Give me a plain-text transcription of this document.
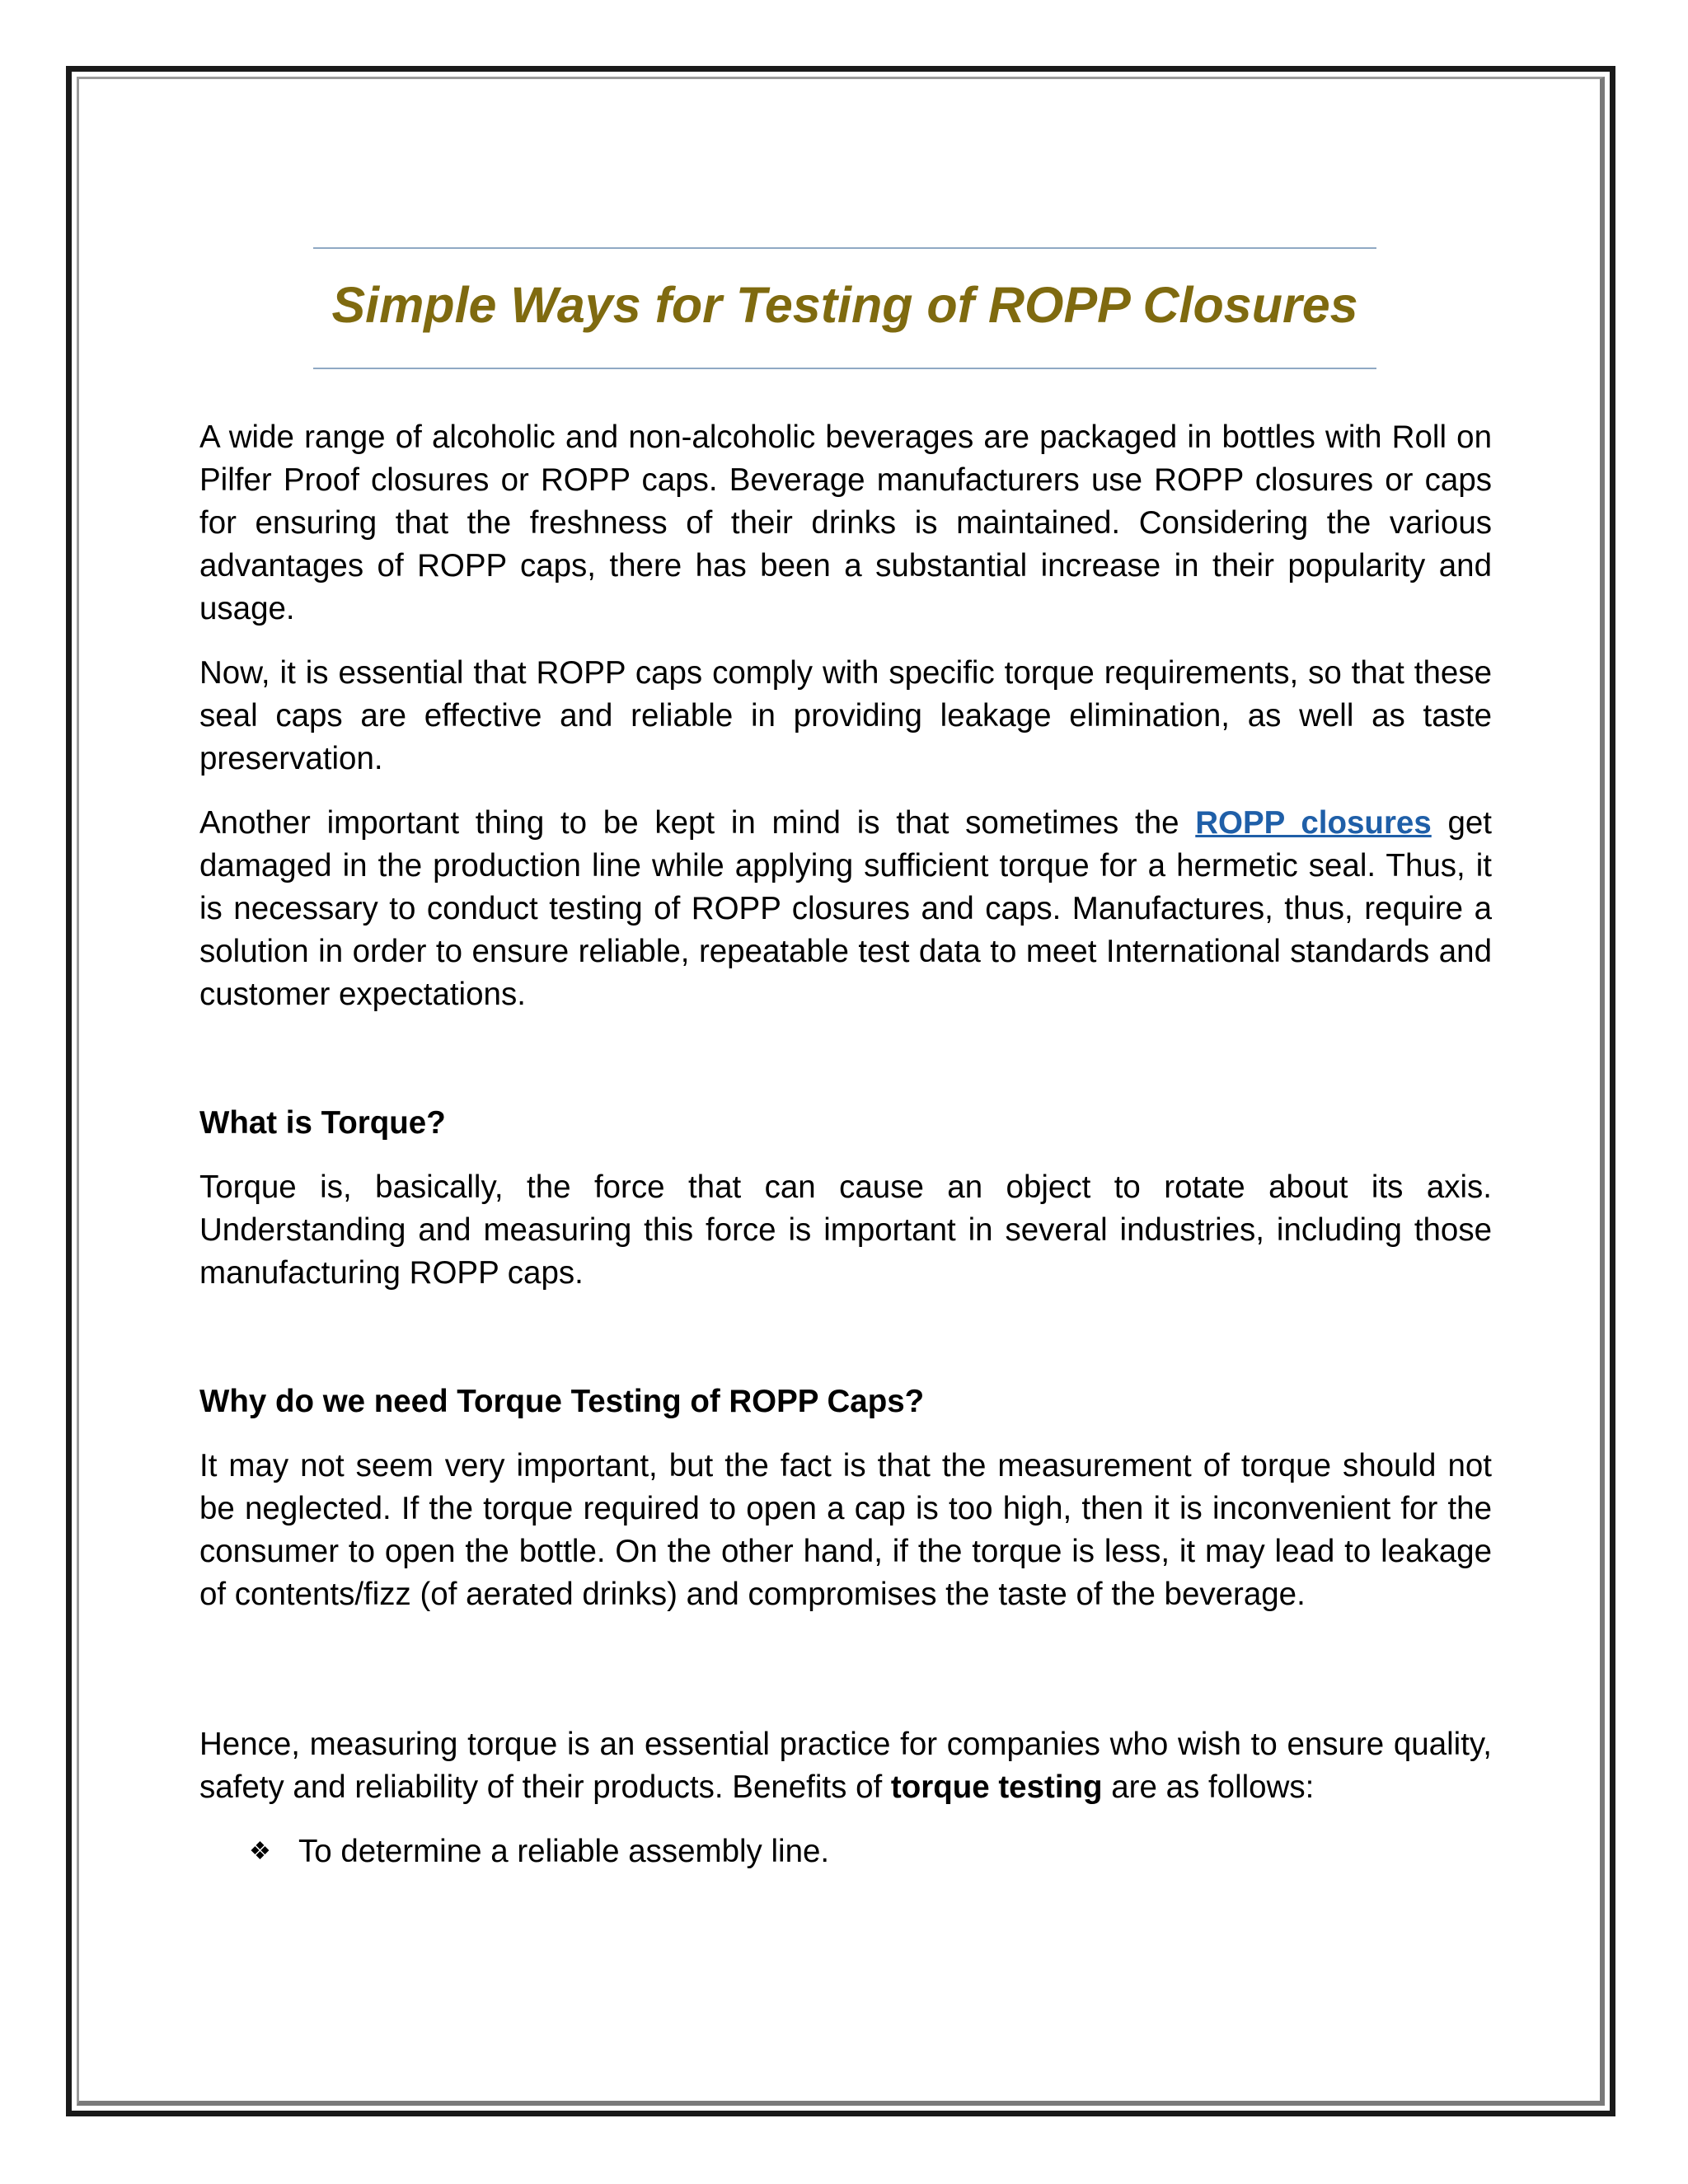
Simple Ways for Testing of ROPP Closures

A wide range of alcoholic and non-alcoholic beverages are packaged in bottles with Roll on Pilfer Proof closures or ROPP caps. Beverage manufacturers use ROPP closures or caps for ensuring that the freshness of their drinks is maintained. Considering the various advantages of ROPP caps, there has been a substantial increase in their popularity and usage.

Now, it is essential that ROPP caps comply with specific torque requirements, so that these seal caps are effective and reliable in providing leakage elimination, as well as taste preservation.

Another important thing to be kept in mind is that sometimes the ROPP closures get damaged in the production line while applying sufficient torque for a hermetic seal. Thus, it is necessary to conduct testing of ROPP closures and caps. Manufactures, thus, require a solution in order to ensure reliable, repeatable test data to meet International standards and customer expectations.

What is Torque?

Torque is, basically, the force that can cause an object to rotate about its axis. Understanding and measuring this force is important in several industries, including those manufacturing ROPP caps.

Why do we need Torque Testing of ROPP Caps?

It may not seem very important, but the fact is that the measurement of torque should not be neglected. If the torque required to open a cap is too high, then it is inconvenient for the consumer to open the bottle. On the other hand, if the torque is less, it may lead to leakage of contents/fizz (of aerated drinks) and compromises the taste of the beverage.

Hence, measuring torque is an essential practice for companies who wish to ensure quality, safety and reliability of their products. Benefits of torque testing are as follows:

❖ To determine a reliable assembly line.
